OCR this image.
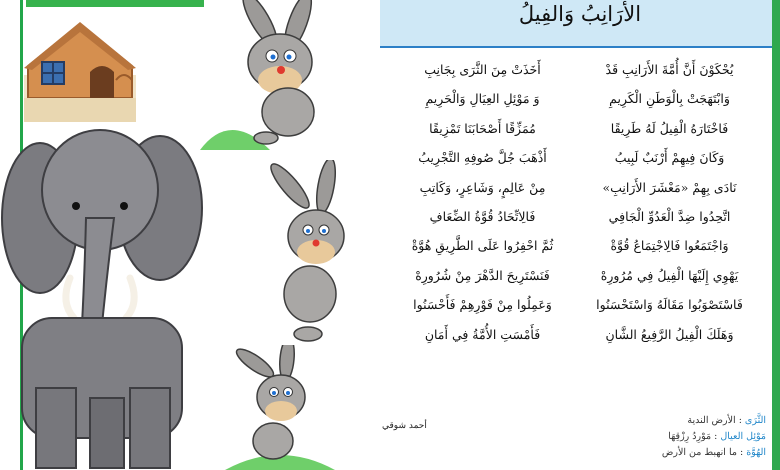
الأَرَانِبُ وَالفِيلُ
يُحْكَوْنَ أَنَّ أُمَّةَ الأَرَانِبِ قَدْ
أَخَذَتْ مِنَ الثَّرَى بِجَانِبِ
وَابْتَهَجَتْ بِالْوَطَنِ الْكَرِيمِ
وَ مَوْئِلِ العِيَالِ وَالْحَرِيمِ
فَاخْتَارَهُ الْفِيلُ لَهُ طَرِيقًا
مُمَزِّقًا أَصْحَابَنَا تَمْزِيقًا
وَكَانَ فِيهِمْ أَرْنَبٌ لَبِيبُ
أَذْهَبَ جُلَّ صُوفِهِ التَّجْرِيبُ
نَادَى بِهِمْ «مَعْشَرَ الأَرَانِبِ»
مِنْ عَالِمٍ، وَشَاعِرٍ، وَكَاتِبِ
اتَّحِدُوا ضِدَّ الْعَدُوِّ الْجَافِي
فَالِاتِّحَادُ قُوَّةُ الضِّعَافِ
وَاجْتَمَعُوا فَالِاجْتِمَاعُ قُوَّةْ
ثُمَّ احْفِرُوا عَلَى الطَّرِيقِ هُوَّةْ
يَهْوِي إِلَيْهَا الْفِيلُ فِي مُرُورِهْ
فَنَسْتَرِيحَ الدَّهْرَ مِنْ شُرُورِهْ
فَاسْتَصْوَبُوا مَقَالَهُ وَاسْتَحْسَنُوا
وَعَمِلُوا مِنْ فَوْرِهِمْ فَأَحْسَنُوا
وَهَلَكَ الْفِيلُ الرَّفِيعُ الشَّانِ
فَأَمْسَتِ الأُمَّةُ فِي أَمَانِ
أحمد شوقي	الثَّرَى : الأرض الندية
مَوْئِل العيال : مَوْرِدُ رِزْقِهَا
الهُوَّة : ما انهبط من الأرض
